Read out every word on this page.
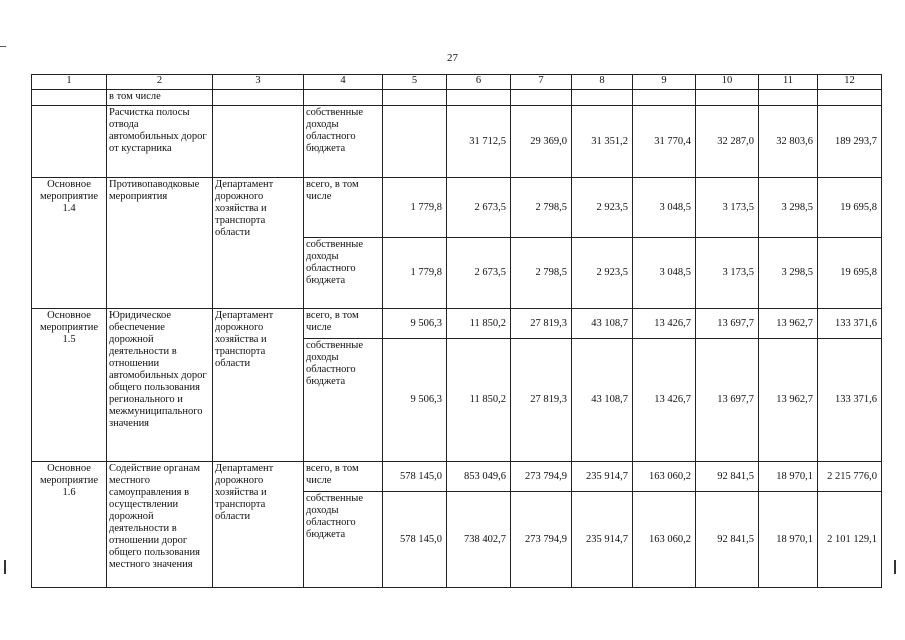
27
1	2	3	4	5	6	7	8	9	10	11	12
	в том числе										
	Расчистка полосы отвода автомобильных дорог от кустарника		собственные доходы областного бюджета		31 712,5	29 369,0	31 351,2	31 770,4	32 287,0	32 803,6	189 293,7
Основное мероприятие 1.4	Противопаводковые мероприятия	Департамент дорожного хозяйства и транспорта области	всего, в том числе	1 779,8	2 673,5	2 798,5	2 923,5	3 048,5	3 173,5	3 298,5	19 695,8
			собственные доходы областного бюджета	1 779,8	2 673,5	2 798,5	2 923,5	3 048,5	3 173,5	3 298,5	19 695,8
Основное мероприятие 1.5	Юридическое обеспечение дорожной деятельности в отношении автомобильных дорог общего пользования регионального и межмуниципального значения	Департамент дорожного хозяйства и транспорта области	всего, в том числе	9 506,3	11 850,2	27 819,3	43 108,7	13 426,7	13 697,7	13 962,7	133 371,6
			собственные доходы областного бюджета	9 506,3	11 850,2	27 819,3	43 108,7	13 426,7	13 697,7	13 962,7	133 371,6
Основное мероприятие 1.6	Содействие органам местного самоуправления в осуществлении дорожной деятельности в отношении дорог общего пользования местного значения	Департамент дорожного хозяйства и транспорта области	всего, в том числе	578 145,0	853 049,6	273 794,9	235 914,7	163 060,2	92 841,5	18 970,1	2 215 776,0
			собственные доходы областного бюджета	578 145,0	738 402,7	273 794,9	235 914,7	163 060,2	92 841,5	18 970,1	2 101 129,1
